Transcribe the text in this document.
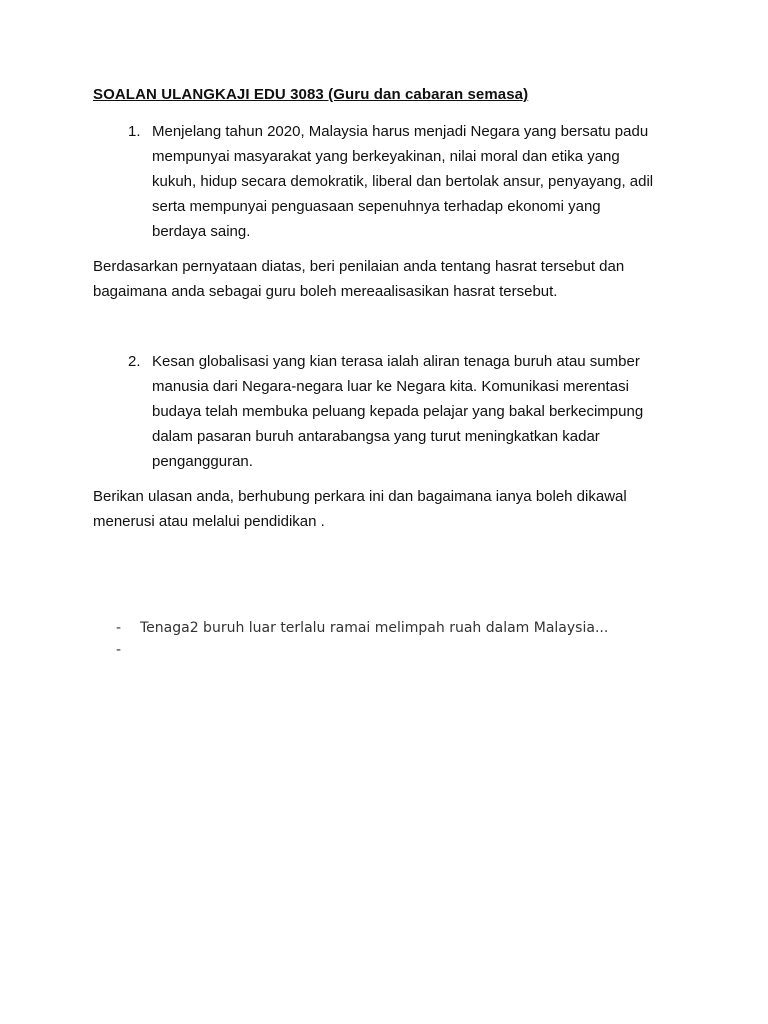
SOALAN ULANGKAJI EDU 3083 (Guru dan cabaran semasa)
1. Menjelang tahun 2020, Malaysia harus menjadi Negara yang bersatu padu
mempunyai masyarakat yang berkeyakinan, nilai moral dan etika yang
kukuh, hidup secara demokratik, liberal dan bertolak ansur, penyayang, adil
serta mempunyai penguasaan sepenuhnya terhadap ekonomi yang
berdaya saing.
Berdasarkan pernyataan diatas, beri penilaian anda tentang hasrat tersebut dan
bagaimana anda sebagai guru boleh mereaalisasikan hasrat tersebut.
2. Kesan globalisasi yang kian terasa ialah aliran tenaga buruh atau sumber
manusia dari Negara-negara luar ke Negara kita. Komunikasi merentasi
budaya telah membuka peluang kepada pelajar yang bakal berkecimpung
dalam pasaran buruh antarabangsa yang turut meningkatkan kadar
pengangguran.
Berikan ulasan anda, berhubung perkara ini dan bagaimana ianya boleh dikawal
menerusi atau melalui pendidikan .
-	Tenaga2 buruh luar terlalu ramai melimpah ruah dalam Malaysia...
-
